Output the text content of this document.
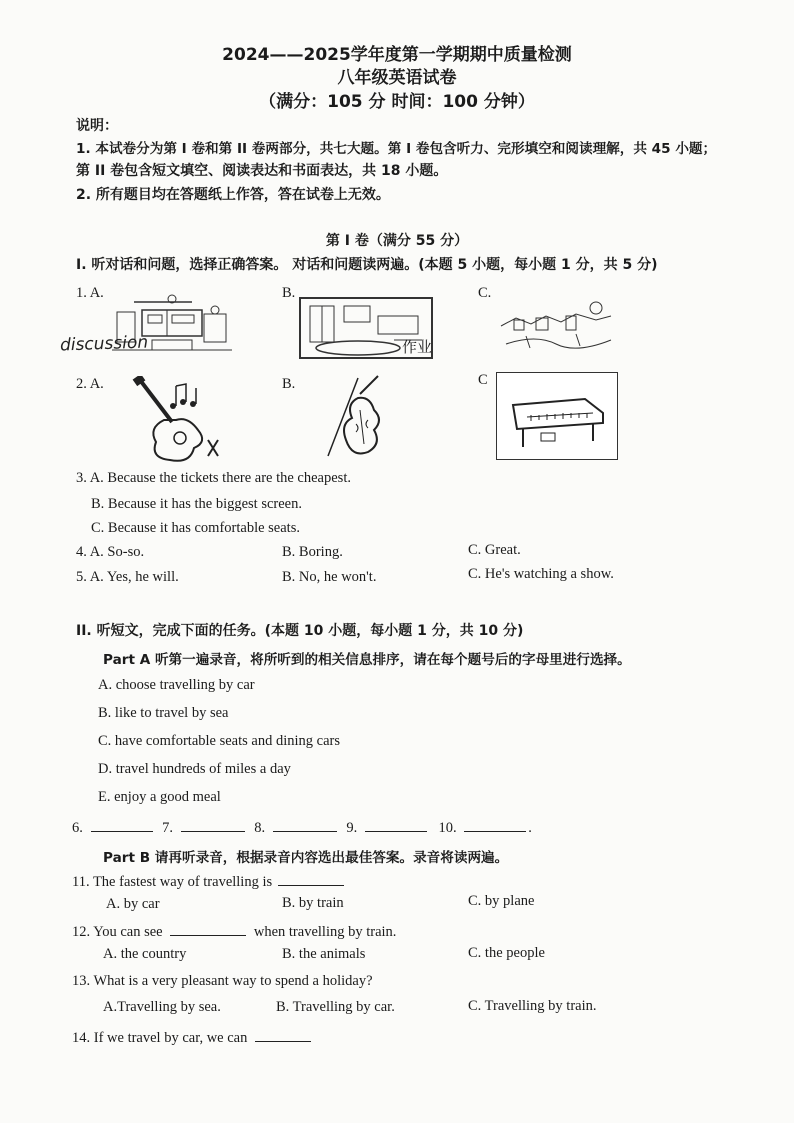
2024——2025学年度第一学期期中质量检测
八年级英语试卷
（满分：105 分 时间：100 分钟）
说明：
1. 本试卷分为第 I 卷和第 II 卷两部分，共七大题。第 I 卷包含听力、完形填空和阅读理解，共 45 小题；
第 II 卷包含短文填空、阅读表达和书面表达，共 18 小题。
2. 所有题目均在答题纸上作答，答在试卷上无效。
第 I 卷（满分 55 分）
I. 听对话和问题，选择正确答案。 对话和问题读两遍。(本题 5 小题，每小题 1 分，共 5 分)
1. A.
discussion
B.
作业
C.
2. A.	B.	C
3. A. Because the tickets there are the cheapest.
B. Because it has the biggest screen.
C. Because it has comfortable seats.
4. A. So-so.	B. Boring.	C. Great.
5. A. Yes, he will.	B. No, he won't.	C. He's watching a show.
II. 听短文，完成下面的任务。(本题 10 小题，每小题 1 分，共 10 分)
Part A 听第一遍录音，将所听到的相关信息排序，请在每个题号后的字母里进行选择。
A. choose travelling by car
B. like to travel by sea
C. have comfortable seats and dining cars
D. travel hundreds of miles a day
E. enjoy a good meal
6.	7.	8.	9.	10.	.
Part B 请再听录音，根据录音内容选出最佳答案。录音将读两遍。
11. The fastest way of travelling is
A. by car	B. by train	C. by plane
12. You can see	when travelling by train.
A. the country	B. the animals	C. the people
13. What is a very pleasant way to spend a holiday?
A.Travelling by sea.	B. Travelling by car.	C. Travelling by train.
14. If we travel by car, we can
